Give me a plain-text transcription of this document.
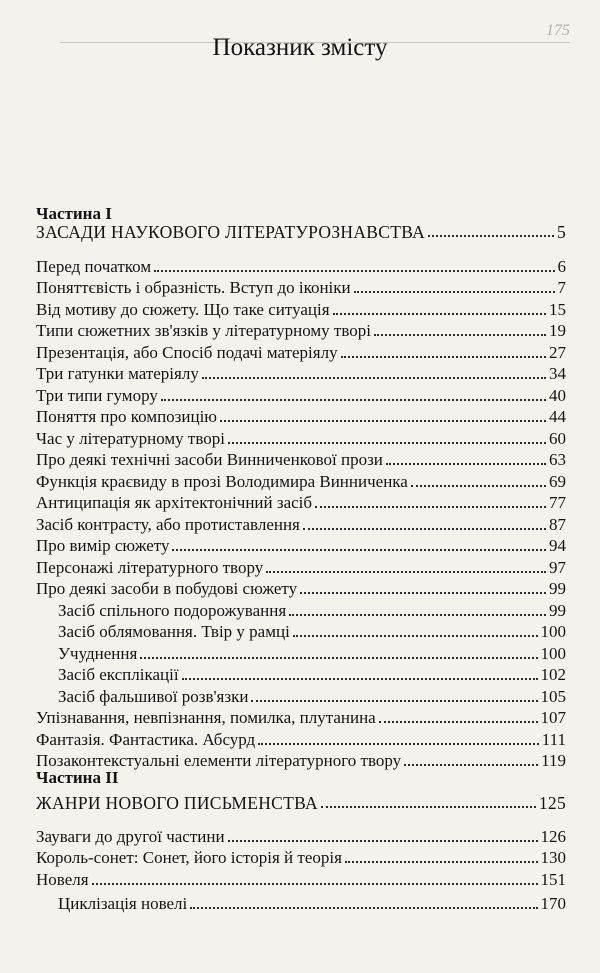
175
Показник змісту
Частина I
ЗАСАДИ НАУКОВОГО ЛІТЕРАТУРОЗНАВСТВА	5
Перед початком	6
Поняттєвість і образність. Вступ до іконіки	7
Від мотиву до сюжету. Що таке ситуація	15
Типи сюжетних зв'язків у літературному творі	19
Презентація, або Спосіб подачі матеріялу	27
Три гатунки матеріялу	34
Три типи гумору	40
Поняття про композицію	44
Час у літературному творі	60
Про деякі технічні засоби Винниченкової прози	63
Функція краєвиду в прозі Володимира Винниченка	69
Антиципація як архітектонічний засіб	77
Засіб контрасту, або протиставлення	87
Про вимір сюжету	94
Персонажі літературного твору	97
Про деякі засоби в побудові сюжету	99
Засіб спільного подорожування	99
Засіб облямовання. Твір у рамці	100
Учуднення	100
Засіб експлікації	102
Засіб фальшивої розв'язки	105
Упізнавання, невпізнання, помилка, плутанина	107
Фантазія. Фантастика. Абсурд	111
Позаконтекстуальні елементи літературного твору	119
Частина II
ЖАНРИ НОВОГО ПИСЬМЕНСТВА	125
Зауваги до другої частини	126
Король-сонет: Сонет, його історія й теорія	130
Новеля	151
Циклізація новелі	170
